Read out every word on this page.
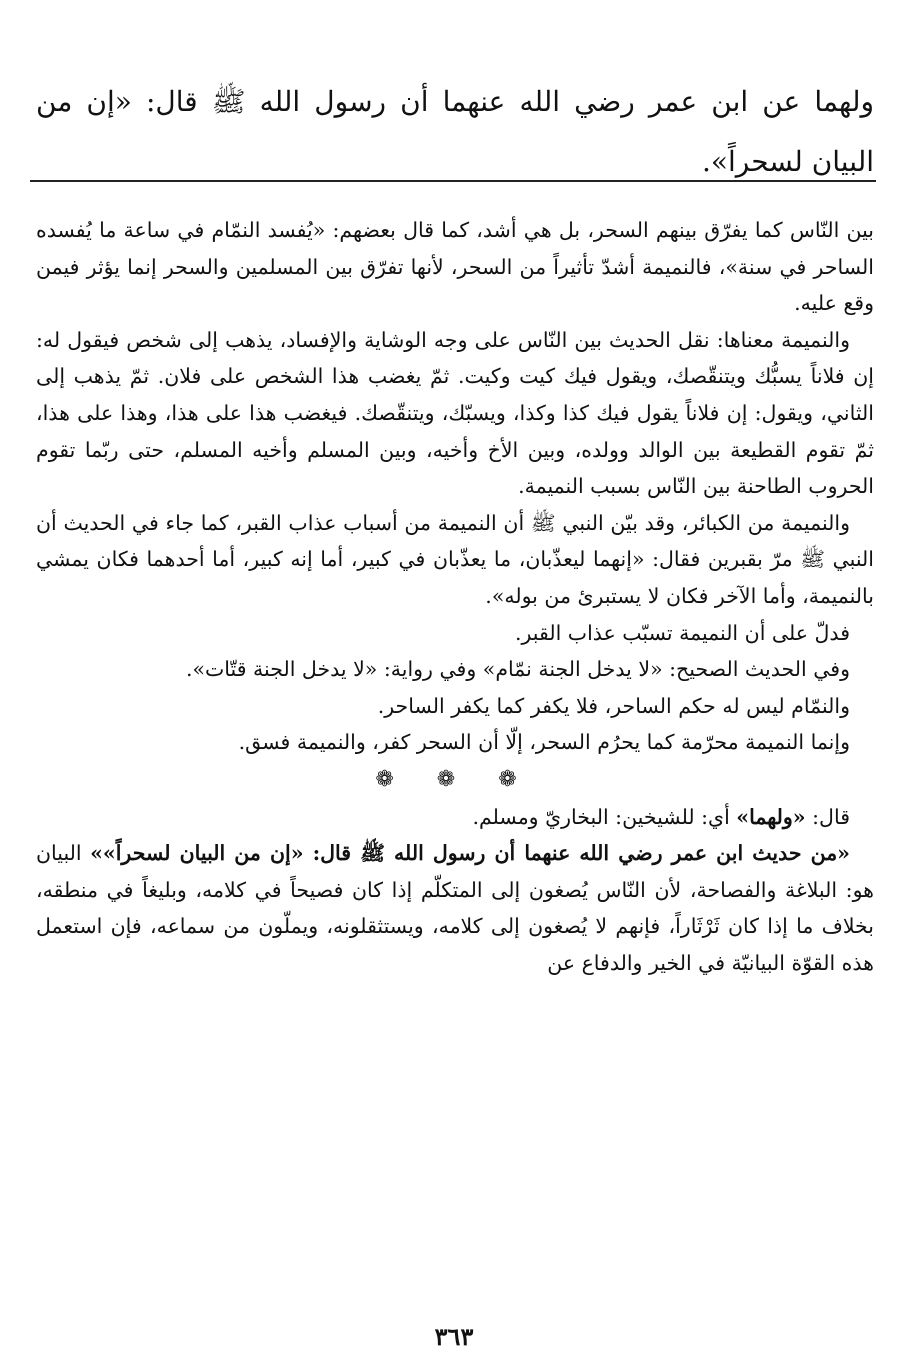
ولهما عن ابن عمر رضي الله عنهما أن رسول الله ﷺ قال: «إن من البيان لسحراً».

بين النّاس كما يفرّق بينهم السحر، بل هي أشد، كما قال بعضهم: «يُفسد النمّام في ساعة ما يُفسده الساحر في سنة»، فالنميمة أشدّ تأثيراً من السحر، لأنها تفرّق بين المسلمين والسحر إنما يؤثر فيمن وقع عليه.

والنميمة معناها: نقل الحديث بين النّاس على وجه الوشاية والإفساد، يذهب إلى شخص فيقول له: إن فلاناً يسبُّك ويتنقّصك، ويقول فيك كيت وكيت. ثمّ يغضب هذا الشخص على فلان. ثمّ يذهب إلى الثاني، ويقول: إن فلاناً يقول فيك كذا وكذا، ويسبّك، ويتنقّصك. فيغضب هذا على هذا، وهذا على هذا، ثمّ تقوم القطيعة بين الوالد وولده، وبين الأخ وأخيه، وبين المسلم وأخيه المسلم، حتى ربّما تقوم الحروب الطاحنة بين النّاس بسبب النميمة.

والنميمة من الكبائر، وقد بيّن النبي ﷺ أن النميمة من أسباب عذاب القبر، كما جاء في الحديث أن النبي ﷺ مرّ بقبرين فقال: «إنهما ليعذّبان، ما يعذّبان في كبير، أما إنه كبير، أما أحدهما فكان يمشي بالنميمة، وأما الآخر فكان لا يستبرئ من بوله».

فدلّ على أن النميمة تسبّب عذاب القبر.

وفي الحديث الصحيح: «لا يدخل الجنة نمّام» وفي رواية: «لا يدخل الجنة قتّات».

والنمّام ليس له حكم الساحر، فلا يكفر كما يكفر الساحر.

وإنما النميمة محرّمة كما يحرُم السحر، إلّا أن السحر كفر، والنميمة فسق.

❁ ❁ ❁

قال: «ولهما» أي: للشيخين: البخاريّ ومسلم.

«من حديث ابن عمر رضي الله عنهما أن رسول الله ﷺ قال: «إن من البيان لسحراً»» البيان هو: البلاغة والفصاحة، لأن النّاس يُصغون إلى المتكلّم إذا كان فصيحاً في كلامه، وبليغاً في منطقه، بخلاف ما إذا كان ثَرْثَاراً، فإنهم لا يُصغون إلى كلامه، ويستثقلونه، ويملّون من سماعه، فإن استعمل هذه القوّة البيانيّة في الخير والدفاع عن

٣٦٣
